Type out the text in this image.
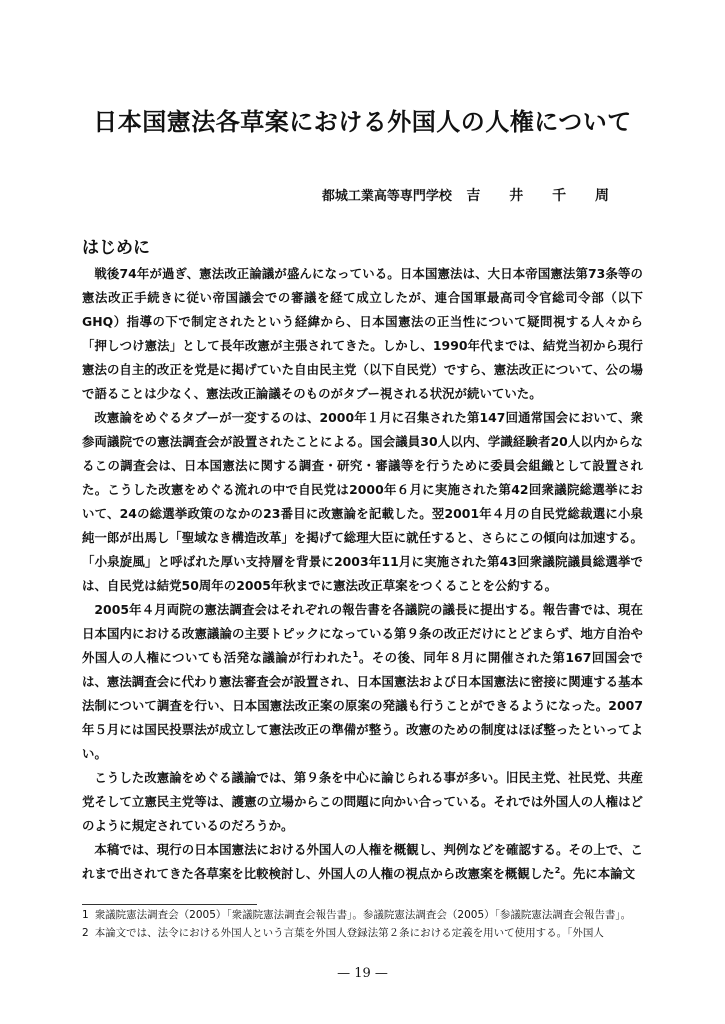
日本国憲法各草案における外国人の人権について
都城工業高等専門学校 吉 井 千 周
はじめに

戦後74年が過ぎ、憲法改正論議が盛んになっている。日本国憲法は、大日本帝国憲法第73条等の憲法改正手続きに従い帝国議会での審議を経て成立したが、連合国軍最高司令官総司令部（以下GHQ）指導の下で制定されたという経緯から、日本国憲法の正当性について疑問視する人々から「押しつけ憲法」として長年改憲が主張されてきた。しかし、1990年代までは、結党当初から現行憲法の自主的改正を党是に掲げていた自由民主党（以下自民党）ですら、憲法改正について、公の場で語ることは少なく、憲法改正論議そのものがタブー視される状況が続いていた。

改憲論をめぐるタブーが一変するのは、2000年１月に召集された第147回通常国会において、衆参両議院での憲法調査会が設置されたことによる。国会議員30人以内、学識経験者20人以内からなるこの調査会は、日本国憲法に関する調査・研究・審議等を行うために委員会組織として設置された。こうした改憲をめぐる流れの中で自民党は2000年６月に実施された第42回衆議院総選挙において、24の総選挙政策のなかの23番目に改憲論を記載した。翌2001年４月の自民党総裁選に小泉純一郎が出馬し「聖域なき構造改革」を掲げて総理大臣に就任すると、さらにこの傾向は加速する。「小泉旋風」と呼ばれた厚い支持層を背景に2003年11月に実施された第43回衆議院議員総選挙では、自民党は結党50周年の2005年秋までに憲法改正草案をつくることを公約する。

2005年４月両院の憲法調査会はそれぞれの報告書を各議院の議長に提出する。報告書では、現在日本国内における改憲議論の主要トピックになっている第９条の改正だけにとどまらず、地方自治や外国人の人権についても活発な議論が行われた$^1$。その後、同年８月に開催された第167回国会では、憲法調査会に代わり憲法審査会が設置され、日本国憲法および日本国憲法に密接に関連する基本法制について調査を行い、日本国憲法改正案の原案の発議も行うことができるようになった。2007年５月には国民投票法が成立して憲法改正の準備が整う。改憲のための制度はほぼ整ったといってよい。

こうした改憲論をめぐる議論では、第９条を中心に論じられる事が多い。旧民主党、社民党、共産党そして立憲民主党等は、護憲の立場からこの問題に向かい合っている。それでは外国人の人権はどのように規定されているのだろうか。

本稿では、現行の日本国憲法における外国人の人権を概観し、判例などを確認する。その上で、これまで出されてきた各草案を比較検討し、外国人の人権の視点から改憲案を概観した$^2$。先に本論文

1 衆議院憲法調査会（2005）「衆議院憲法調査会報告書」。参議院憲法調査会（2005）「参議院憲法調査会報告書」。

2 本論文では、法令における外国人という言葉を外国人登録法第２条における定義を用いて使用する。「外国人

— 19 —
